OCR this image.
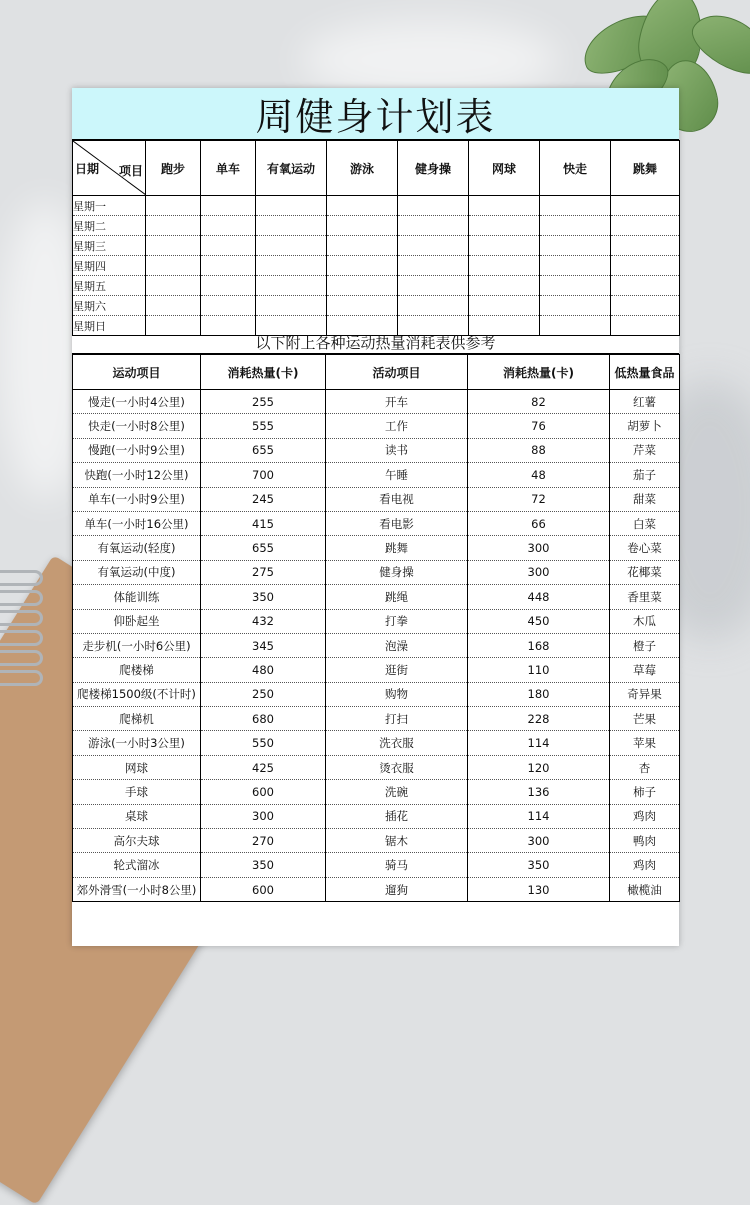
周健身计划表
日期 项目	跑步	单车	有氧运动	游泳	健身操	网球	快走	跳舞
星期一								
星期二								
星期三								
星期四								
星期五								
星期六								
星期日								
以下附上各种运动热量消耗表供参考
运动项目	消耗热量(卡)	活动项目	消耗热量(卡)	低热量食品
慢走(一小时4公里)	255	开车	82	红薯
快走(一小时8公里)	555	工作	76	胡萝卜
慢跑(一小时9公里)	655	读书	88	芹菜
快跑(一小时12公里)	700	午睡	48	茄子
单车(一小时9公里)	245	看电视	72	甜菜
单车(一小时16公里)	415	看电影	66	白菜
有氧运动(轻度)	655	跳舞	300	卷心菜
有氧运动(中度)	275	健身操	300	花椰菜
体能训练	350	跳绳	448	香里菜
仰卧起坐	432	打拳	450	木瓜
走步机(一小时6公里)	345	泡澡	168	橙子
爬楼梯	480	逛街	110	草莓
爬楼梯1500级(不计时)	250	购物	180	奇异果
爬梯机	680	打扫	228	芒果
游泳(一小时3公里)	550	洗衣服	114	苹果
网球	425	烫衣服	120	杏
手球	600	洗碗	136	柿子
桌球	300	插花	114	鸡肉
高尔夫球	270	锯木	300	鸭肉
轮式溜冰	350	骑马	350	鸡肉
郊外滑雪(一小时8公里)	600	遛狗	130	橄榄油
